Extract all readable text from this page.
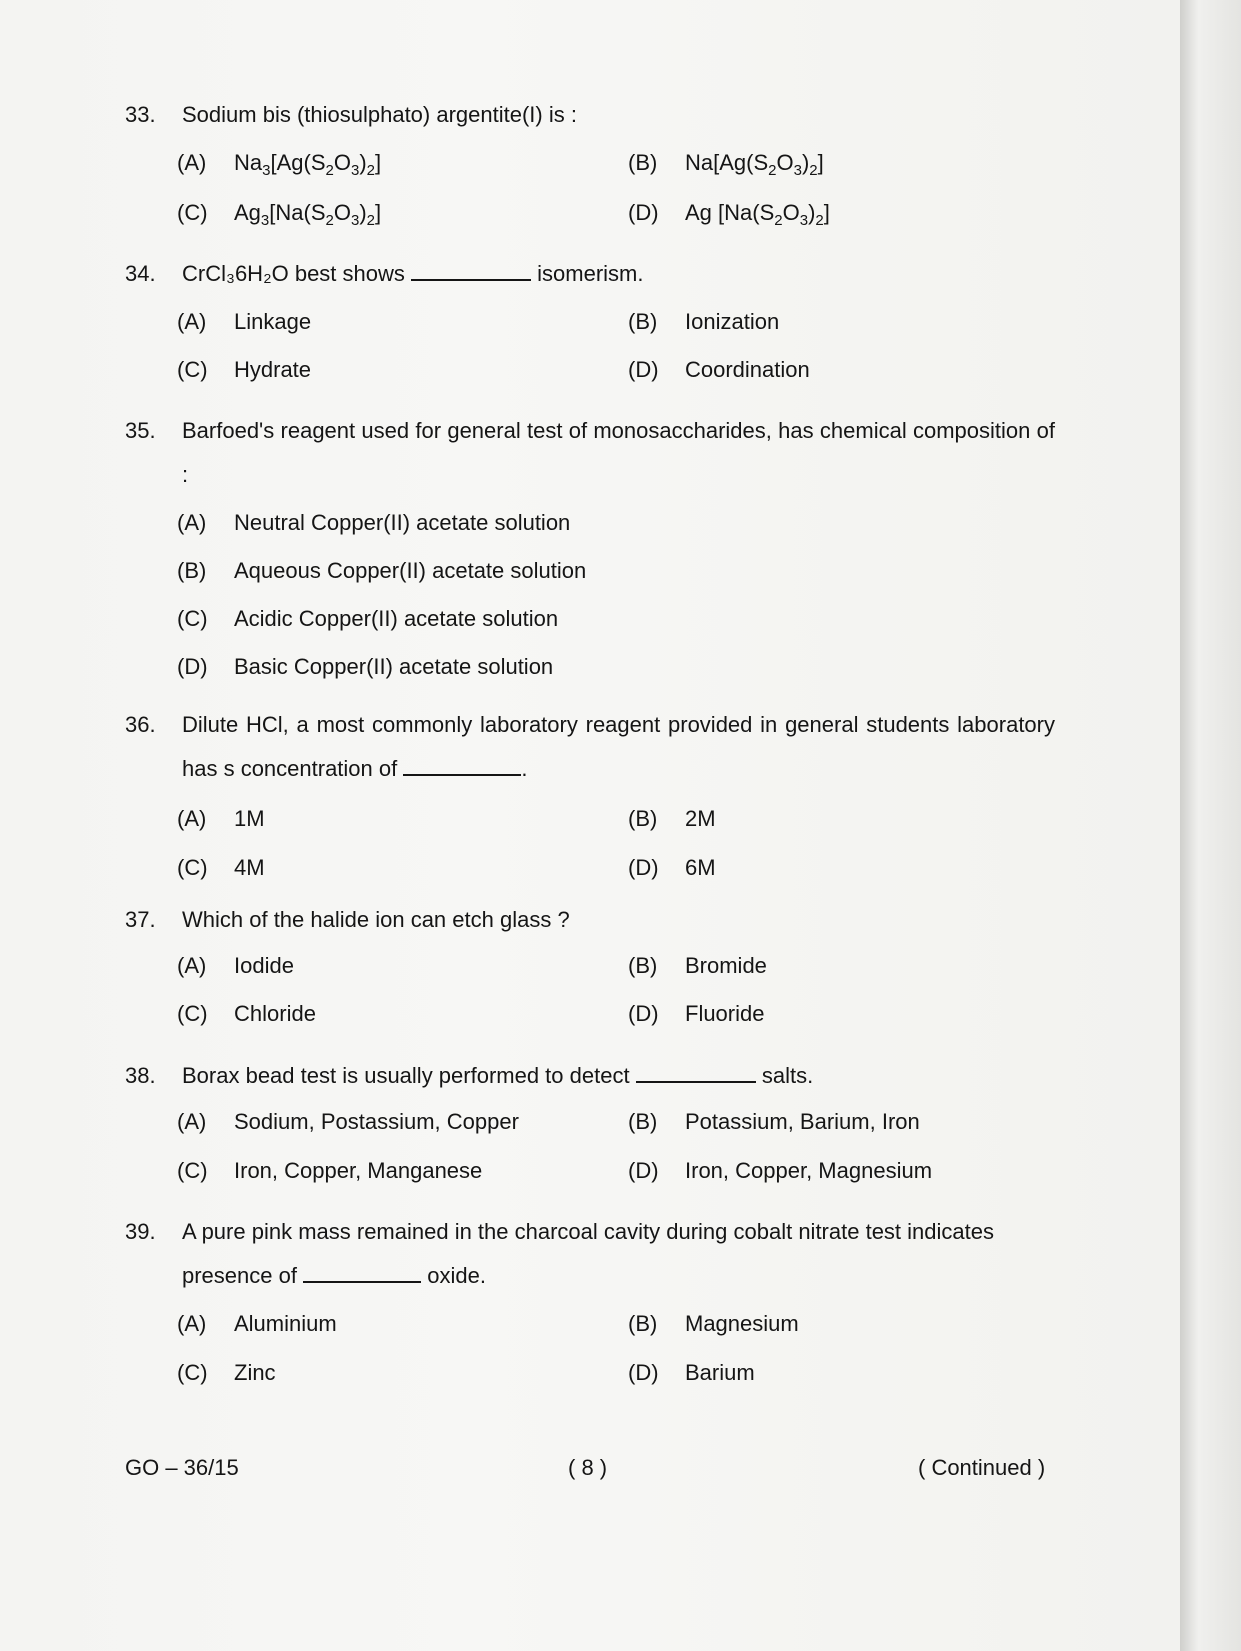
33.	Sodium bis (thiosulphato) argentite(I) is :
(A)	$Na_3[Ag(S_2O_3)_2]$	(B)	$Na[Ag(S_2O_3)_2]$
(C)	$Ag_3[Na(S_2O_3)_2]$	(D)	Ag $[Na(S_2O_3)_2]$
34.	CrCl₃6H₂O best shows	isomerism.
(A)	Linkage	(B)	Ionization
(C)	Hydrate	(D)	Coordination
35.	Barfoed's reagent used for general test of monosaccharides, has chemical composition of :
(A)	Neutral Copper(II) acetate solution
(B)	Aqueous Copper(II) acetate solution
(C)	Acidic Copper(II) acetate solution
(D)	Basic Copper(II) acetate solution
36.	Dilute HCl, a most commonly laboratory reagent provided in general students laboratory has s concentration of	.
(A)	1M	(B)	2M
(C)	4M	(D)	6M
37.	Which of the halide ion can etch glass ?
(A)	Iodide	(B)	Bromide
(C)	Chloride	(D)	Fluoride
38.	Borax bead test is usually performed to detect	salts.
(A)	Sodium, Postassium, Copper	(B)	Potassium, Barium, Iron
(C)	Iron, Copper, Manganese	(D)	Iron, Copper, Magnesium
39.	A pure pink mass remained in the charcoal cavity during cobalt nitrate test indicates
presence of	oxide.
(A)	Aluminium	(B)	Magnesium
(C)	Zinc	(D)	Barium
GO – 36/15	( 8 )	( Continued )
